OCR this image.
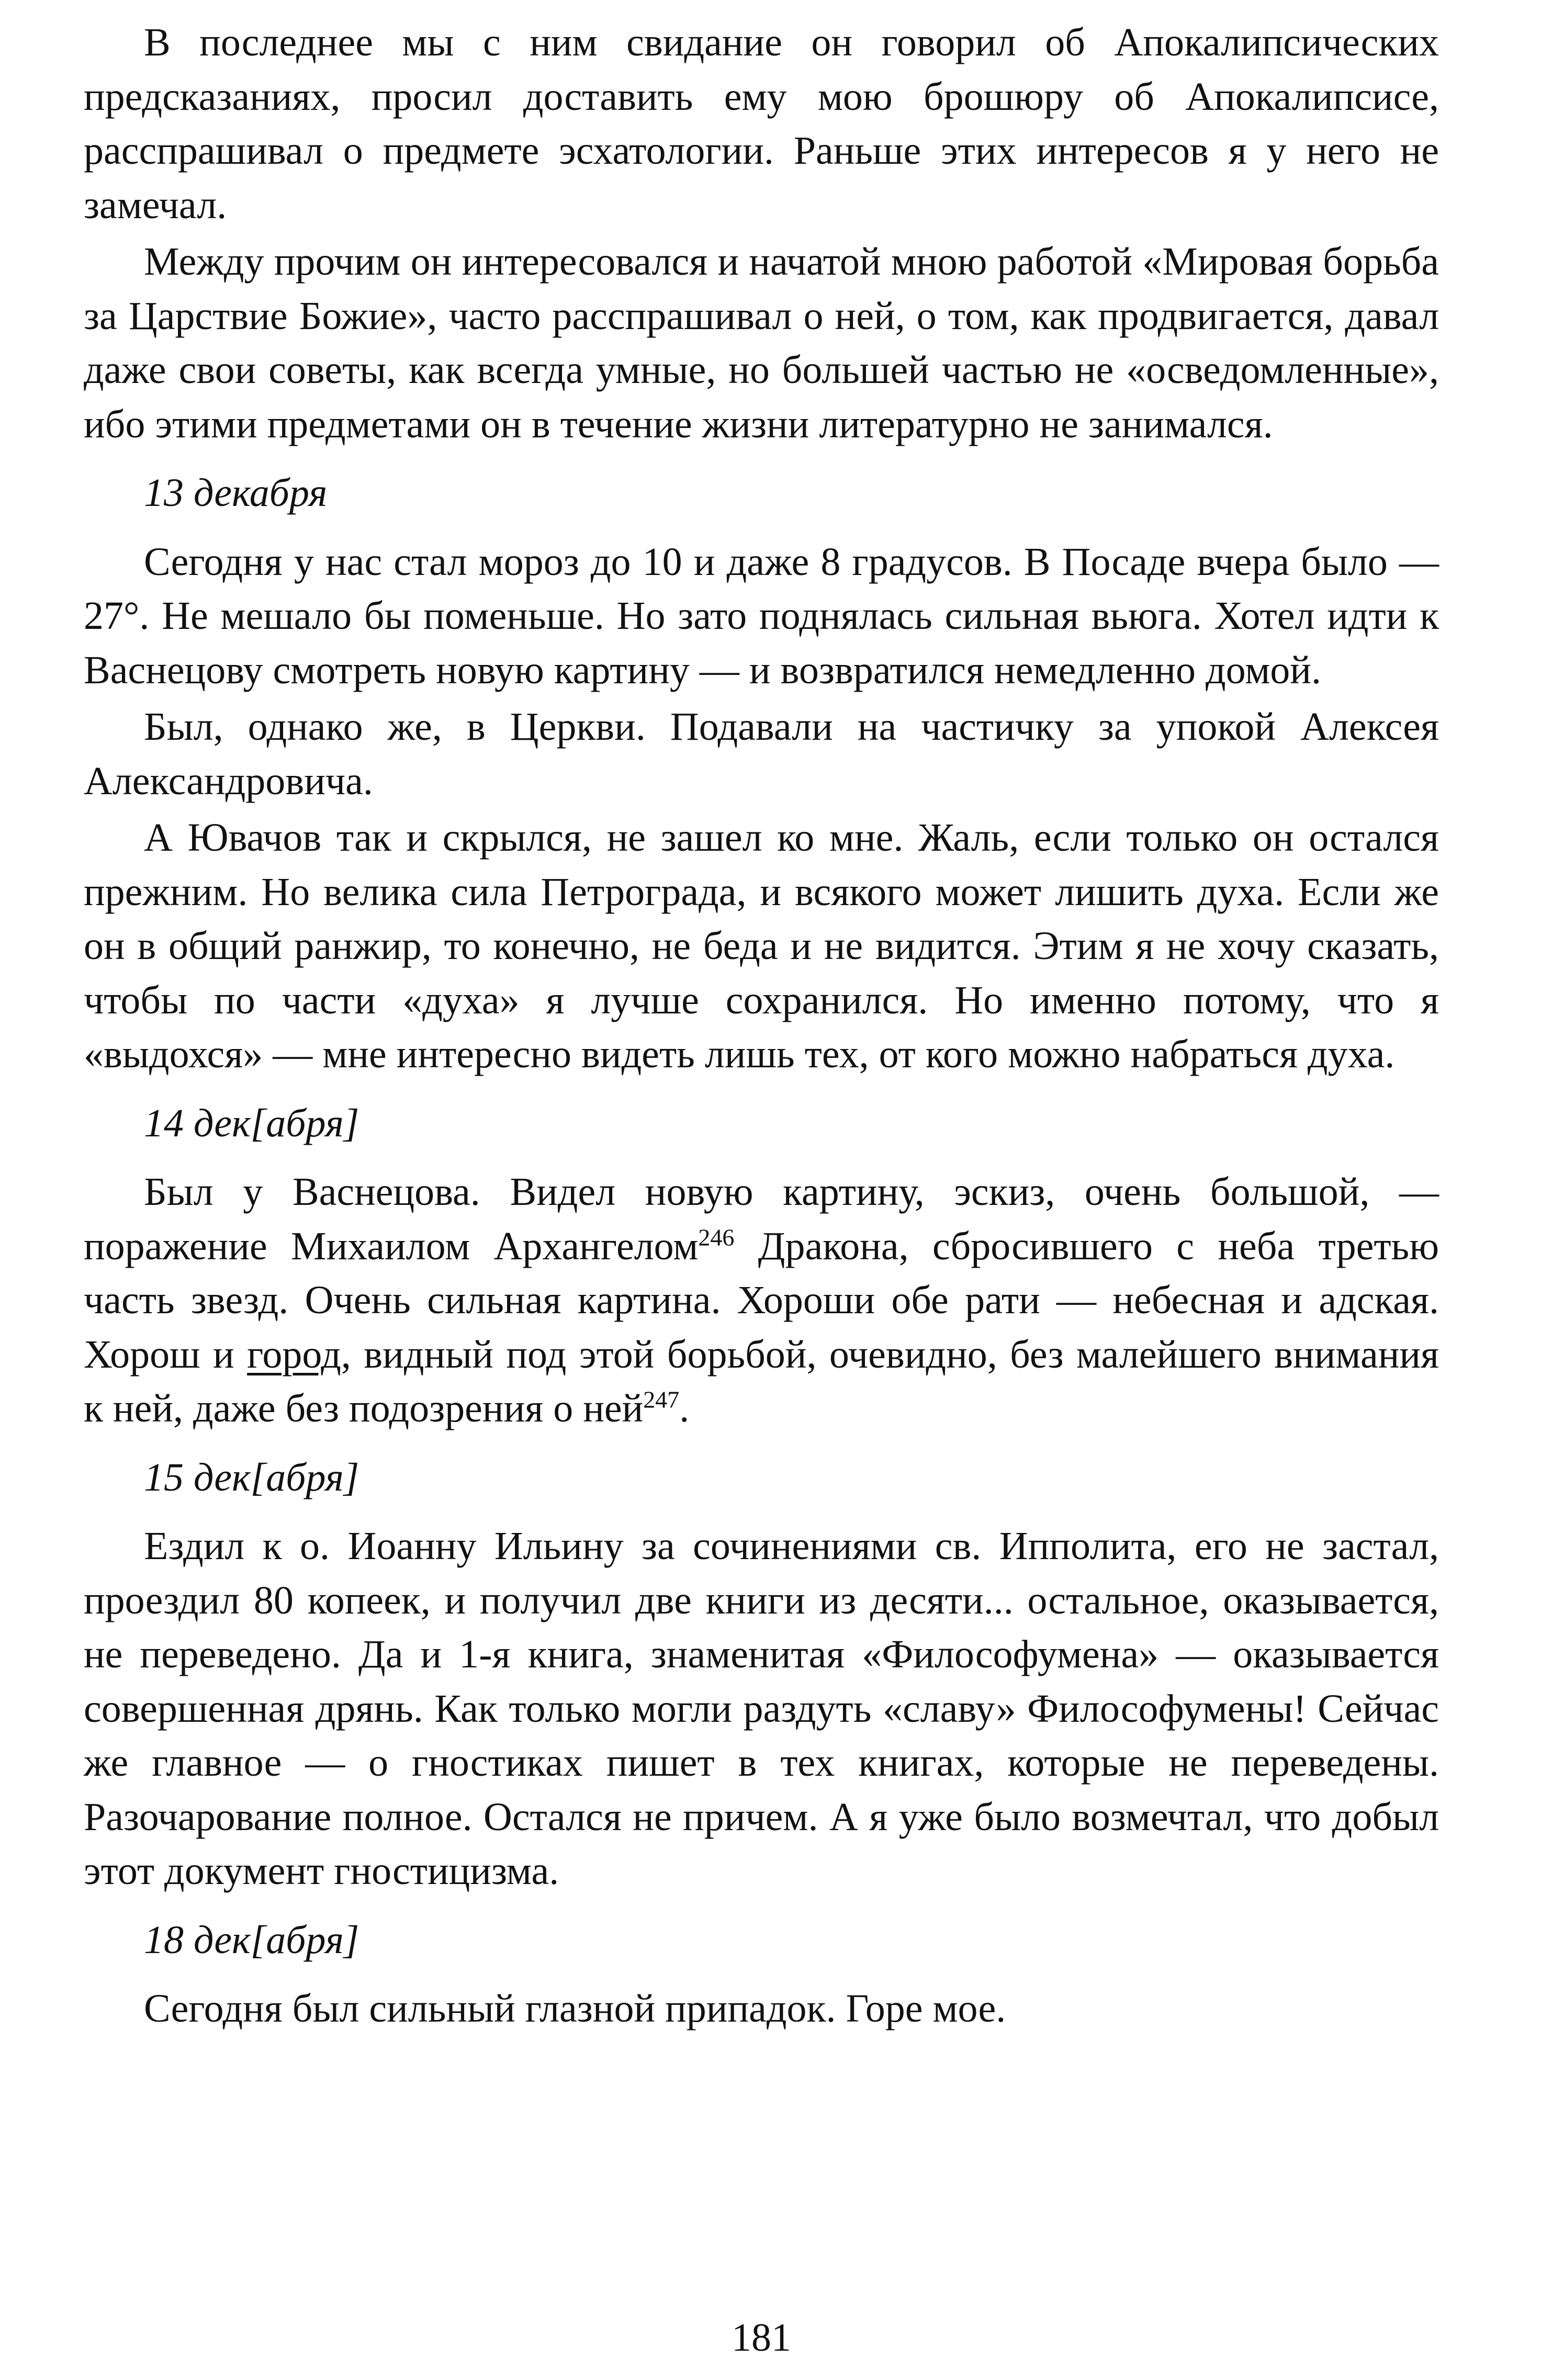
В последнее мы с ним свидание он говорил об Апокалипсических предсказаниях, просил доставить ему мою брошюру об Апокалипсисе, расспрашивал о предмете эсхатологии. Раньше этих интересов я у него не замечал.

Между прочим он интересовался и начатой мною работой «Мировая борьба за Царствие Божие», часто расспрашивал о ней, о том, как продвигается, давал даже свои советы, как всегда умные, но большей частью не «осведомленные», ибо этими предметами он в течение жизни литературно не занимался.

13 декабря

Сегодня у нас стал мороз до 10 и даже 8 градусов. В Посаде вчера было — 27°. Не мешало бы поменьше. Но зато поднялась сильная вьюга. Хотел идти к Васнецову смотреть новую картину — и возвратился немедленно домой.

Был, однако же, в Церкви. Подавали на частичку за упокой Алексея Александровича.

А Ювачов так и скрылся, не зашел ко мне. Жаль, если только он остался прежним. Но велика сила Петрограда, и всякого может лишить духа. Если же он в общий ранжир, то конечно, не беда и не видится. Этим я не хочу сказать, чтобы по части «духа» я лучше сохранился. Но именно потому, что я «выдохся» — мне интересно видеть лишь тех, от кого можно набраться духа.

14 дек[абря]

Был у Васнецова. Видел новую картину, эскиз, очень большой, — поражение Михаилом Архангелом$^{246}$ Дракона, сбросившего с неба третью часть звезд. Очень сильная картина. Хороши обе рати — небесная и адская. Хорош и город, видный под этой борьбой, очевидно, без малейшего внимания к ней, даже без подозрения о ней$^{247}$.

15 дек[абря]

Ездил к о. Иоанну Ильину за сочинениями св. Ипполита, его не застал, проездил 80 копеек, и получил две книги из десяти... остальное, оказывается, не переведено. Да и 1-я книга, знаменитая «Философумена» — оказывается совершенная дрянь. Как только могли раздуть «славу» Философумены! Сейчас же главное — о гностиках пишет в тех книгах, которые не переведены. Разочарование полное. Остался не причем. А я уже было возмечтал, что добыл этот документ гностицизма.

18 дек[абря]

Сегодня был сильный глазной припадок. Горе мое.

181
